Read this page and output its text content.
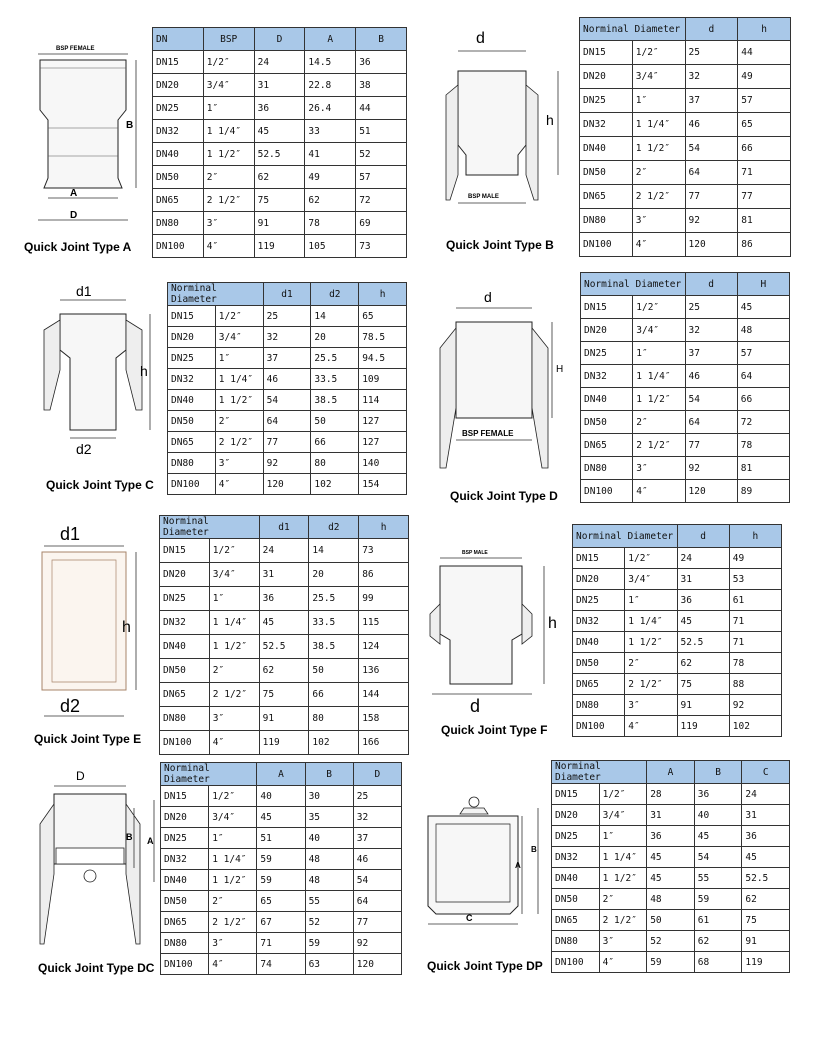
BSP FEMALE
B
A
D
Quick Joint Type A
DN	BSP	D	A	B
DN15	1/2″	24	14.5	36
DN20	3/4″	31	22.8	38
DN25	1″	36	26.4	44
DN32	1 1/4″	45	33	51
DN40	1 1/2″	52.5	41	52
DN50	2″	62	49	57
DN65	2 1/2″	75	62	72
DN80	3″	91	78	69
DN100	4″	119	105	73
d
h
BSP MALE
Quick Joint Type B
Norminal Diameter		d	h
DN15	1/2″	25	44
DN20	3/4″	32	49
DN25	1″	37	57
DN32	1 1/4″	46	65
DN40	1 1/2″	54	66
DN50	2″	64	71
DN65	2 1/2″	77	77
DN80	3″	92	81
DN100	4″	120	86
d1
h
d2
Quick Joint Type C
Norminal Diameter		d1	d2	h
DN15	1/2″	25	14	65
DN20	3/4″	32	20	78.5
DN25	1″	37	25.5	94.5
DN32	1 1/4″	46	33.5	109
DN40	1 1/2″	54	38.5	114
DN50	2″	64	50	127
DN65	2 1/2″	77	66	127
DN80	3″	92	80	140
DN100	4″	120	102	154
d
H
BSP FEMALE
Quick Joint Type D
Norminal Diameter		d	H
DN15	1/2″	25	45
DN20	3/4″	32	48
DN25	1″	37	57
DN32	1 1/4″	46	64
DN40	1 1/2″	54	66
DN50	2″	64	72
DN65	2 1/2″	77	78
DN80	3″	92	81
DN100	4″	120	89
d1
h
d2
Quick Joint Type E
Norminal Diameter		d1	d2	h
DN15	1/2″	24	14	73
DN20	3/4″	31	20	86
DN25	1″	36	25.5	99
DN32	1 1/4″	45	33.5	115
DN40	1 1/2″	52.5	38.5	124
DN50	2″	62	50	136
DN65	2 1/2″	75	66	144
DN80	3″	91	80	158
DN100	4″	119	102	166
BSP MALE
h
d
Quick Joint Type F
Norminal Diameter		d	h
DN15	1/2″	24	49
DN20	3/4″	31	53
DN25	1″	36	61
DN32	1 1/4″	45	71
DN40	1 1/2″	52.5	71
DN50	2″	62	78
DN65	2 1/2″	75	88
DN80	3″	91	92
DN100	4″	119	102
D
B A
Quick Joint Type DC
Norminal Diameter		A	B	D
DN15	1/2″	40	30	25
DN20	3/4″	45	35	32
DN25	1″	51	40	37
DN32	1 1/4″	59	48	46
DN40	1 1/2″	59	48	54
DN50	2″	65	55	64
DN65	2 1/2″	67	52	77
DN80	3″	71	59	92
DN100	4″	74	63	120
A
B
C
Quick Joint Type DP
Norminal Diameter		A	B	C
DN15	1/2″	28	36	24
DN20	3/4″	31	40	31
DN25	1″	36	45	36
DN32	1 1/4″	45	54	45
DN40	1 1/2″	45	55	52.5
DN50	2″	48	59	62
DN65	2 1/2″	50	61	75
DN80	3″	52	62	91
DN100	4″	59	68	119
